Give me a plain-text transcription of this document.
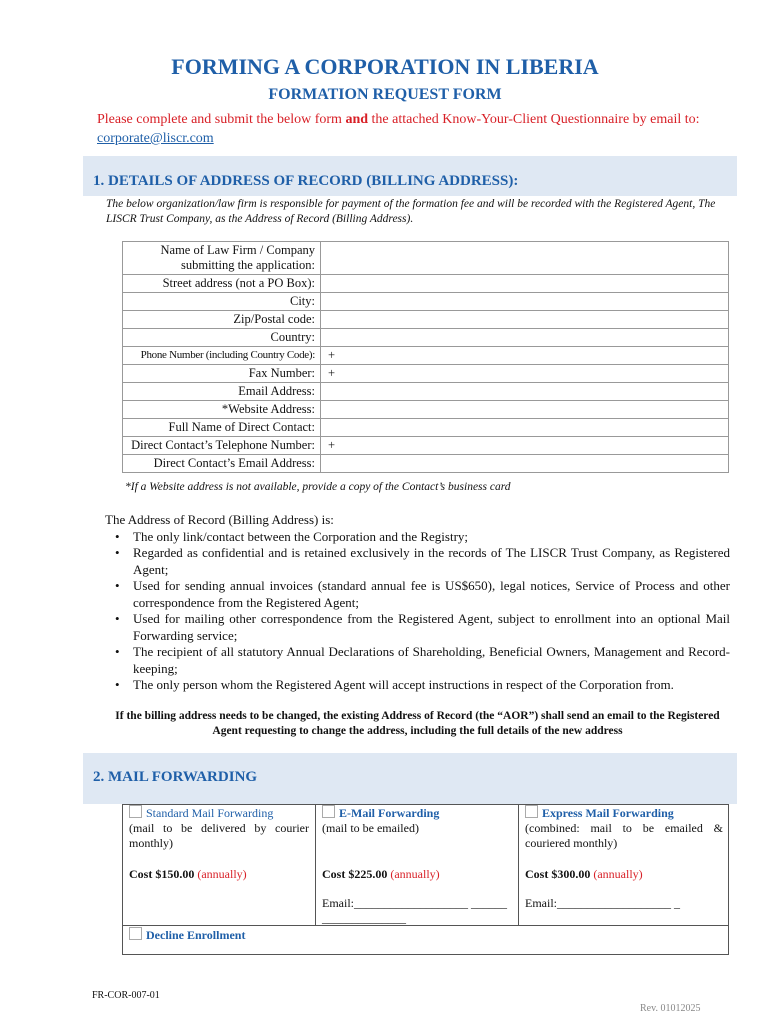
FORMING A CORPORATION IN LIBERIA
FORMATION REQUEST FORM
Please complete and submit the below form and the attached Know-Your-Client Questionnaire by email to: corporate@liscr.com
1. DETAILS OF ADDRESS OF RECORD (BILLING ADDRESS):
The below organization/law firm is responsible for payment of the formation fee and will be recorded with the Registered Agent, The LISCR Trust Company, as the Address of Record (Billing Address).
Name of Law Firm / Company submitting the application:	
Street address (not a PO Box):	
City:	
Zip/Postal code:	
Country:	
Phone Number (including Country Code):	+
Fax Number:	+
Email Address:	
*Website Address:	
Full Name of Direct Contact:	
Direct Contact’s Telephone Number:	+
Direct Contact’s Email Address:	
*If a Website address is not available, provide a copy of the Contact’s business card
The Address of Record (Billing Address) is:
• The only link/contact between the Corporation and the Registry;
• Regarded as confidential and is retained exclusively in the records of The LISCR Trust Company, as Registered Agent;
• Used for sending annual invoices (standard annual fee is US$650), legal notices, Service of Process and other correspondence from the Registered Agent;
• Used for mailing other correspondence from the Registered Agent, subject to enrollment into an optional Mail Forwarding service;
• The recipient of all statutory Annual Declarations of Shareholding, Beneficial Owners, Management and Record-keeping;
• The only person whom the Registered Agent will accept instructions in respect of the Corporation from.
If the billing address needs to be changed, the existing Address of Record (the “AOR”) shall send an email to the Registered Agent requesting to change the address, including the full details of the new address
2. MAIL FORWARDING
Standard Mail Forwarding
(mail to be delivered by courier monthly)
Cost $150.00 (annually)
E-Mail Forwarding
(mail to be emailed)
Cost $225.00 (annually)
Email:___________________ ____________________
Express Mail Forwarding
(combined: mail to be emailed & couriered monthly)
Cost $300.00 (annually)
Email:___________________ _
Decline Enrollment
FR-COR-007-01
Rev. 01012025
